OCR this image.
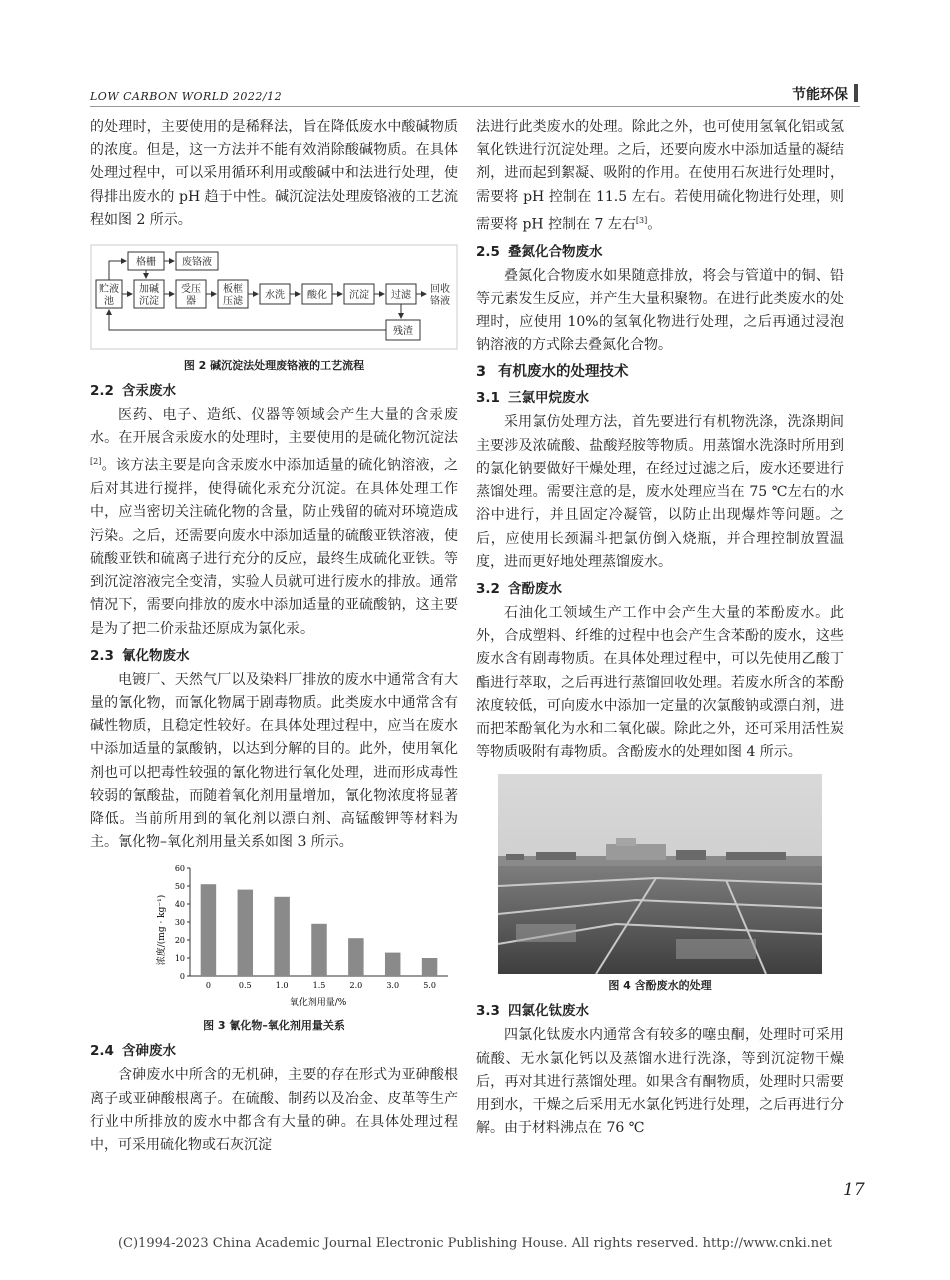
LOW CARBON WORLD 2022/12	节能环保

的处理时，主要使用的是稀释法，旨在降低废水中酸碱物质的浓度。但是，这一方法并不能有效消除酸碱物质。在具体处理过程中，可以采用循环利用或酸碱中和法进行处理，使得排出废水的 pH 趋于中性。碱沉淀法处理废铬液的工艺流程如图 2 所示。

格栅	废铬液
贮液
池
加碱
沉淀
受压
器
板框
压滤
水洗 酸化 沉淀 过滤
回收
铬液
残渣
图 2 碱沉淀法处理废铬液的工艺流程
2.2 含汞废水

医药、电子、造纸、仪器等领域会产生大量的含汞废水。在开展含汞废水的处理时，主要使用的是硫化物沉淀法[2]。该方法主要是向含汞废水中添加适量的硫化钠溶液，之后对其进行搅拌，使得硫化汞充分沉淀。在具体处理工作中，应当密切关注硫化物的含量，防止残留的硫对环境造成污染。之后，还需要向废水中添加适量的硫酸亚铁溶液，使硫酸亚铁和硫离子进行充分的反应，最终生成硫化亚铁。等到沉淀溶液完全变清，实验人员就可进行废水的排放。通常情况下，需要向排放的废水中添加适量的亚硫酸钠，这主要是为了把二价汞盐还原成为氯化汞。

2.3 氰化物废水

电镀厂、天然气厂以及染料厂排放的废水中通常含有大量的氰化物，而氰化物属于剧毒物质。此类废水中通常含有碱性物质，且稳定性较好。在具体处理过程中，应当在废水中添加适量的氯酸钠，以达到分解的目的。此外，使用氧化剂也可以把毒性较强的氰化物进行氧化处理，进而形成毒性较弱的氰酸盐，而随着氧化剂用量增加，氰化物浓度将显著降低。当前所用到的氧化剂以漂白剂、高锰酸钾等材料为主。氰化物–氧化剂用量关系如图 3 所示。

0	0.5	1.0	1.5	2.0	3.0	5.0
0
10
20
30
40
50
60
氧化剂用量/%
浓度/(mg · kg⁻¹)
图 3 氰化物–氧化剂用量关系
2.4 含砷废水

含砷废水中所含的无机砷，主要的存在形式为亚砷酸根离子或亚砷酸根离子。在硫酸、制药以及冶金、皮革等生产行业中所排放的废水中都含有大量的砷。在具体处理过程中，可采用硫化物或石灰沉淀

法进行此类废水的处理。除此之外，也可使用氢氧化铝或氢氧化铁进行沉淀处理。之后，还要向废水中添加适量的凝结剂，进而起到絮凝、吸附的作用。在使用石灰进行处理时，需要将 pH 控制在 11.5 左右。若使用硫化物进行处理，则需要将 pH 控制在 7 左右[3]。

2.5 叠氮化合物废水

叠氮化合物废水如果随意排放，将会与管道中的铜、铅等元素发生反应，并产生大量积聚物。在进行此类废水的处理时，应使用 10%的氢氧化物进行处理，之后再通过浸泡钠溶液的方式除去叠氮化合物。

3 有机废水的处理技术
3.1 三氯甲烷废水

采用氯仿处理方法，首先要进行有机物洗涤，洗涤期间主要涉及浓硫酸、盐酸羟胺等物质。用蒸馏水洗涤时所用到的氯化钠要做好干燥处理，在经过过滤之后，废水还要进行蒸馏处理。需要注意的是，废水处理应当在 75 ℃左右的水浴中进行，并且固定冷凝管，以防止出现爆炸等问题。之后，应使用长颈漏斗把氯仿倒入烧瓶，并合理控制放置温度，进而更好地处理蒸馏废水。

3.2 含酚废水

石油化工领域生产工作中会产生大量的苯酚废水。此外，合成塑料、纤维的过程中也会产生含苯酚的废水，这些废水含有剧毒物质。在具体处理过程中，可以先使用乙酸丁酯进行萃取，之后再进行蒸馏回收处理。若废水所含的苯酚浓度较低，可向废水中添加一定量的次氯酸钠或漂白剂，进而把苯酚氧化为水和二氧化碳。除此之外，还可采用活性炭等物质吸附有毒物质。含酚废水的处理如图 4 所示。

图 4 含酚废水的处理
3.3 四氯化钛废水

四氯化钛废水内通常含有较多的噻虫酮，处理时可采用硫酸、无水氯化钙以及蒸馏水进行洗涤，等到沉淀物干燥后，再对其进行蒸馏处理。如果含有酮物质，处理时只需要用到水，干燥之后采用无水氯化钙进行处理，之后再进行分解。由于材料沸点在 76 ℃

17
(C)1994-2023 China Academic Journal Electronic Publishing House. All rights reserved. http://www.cnki.net
